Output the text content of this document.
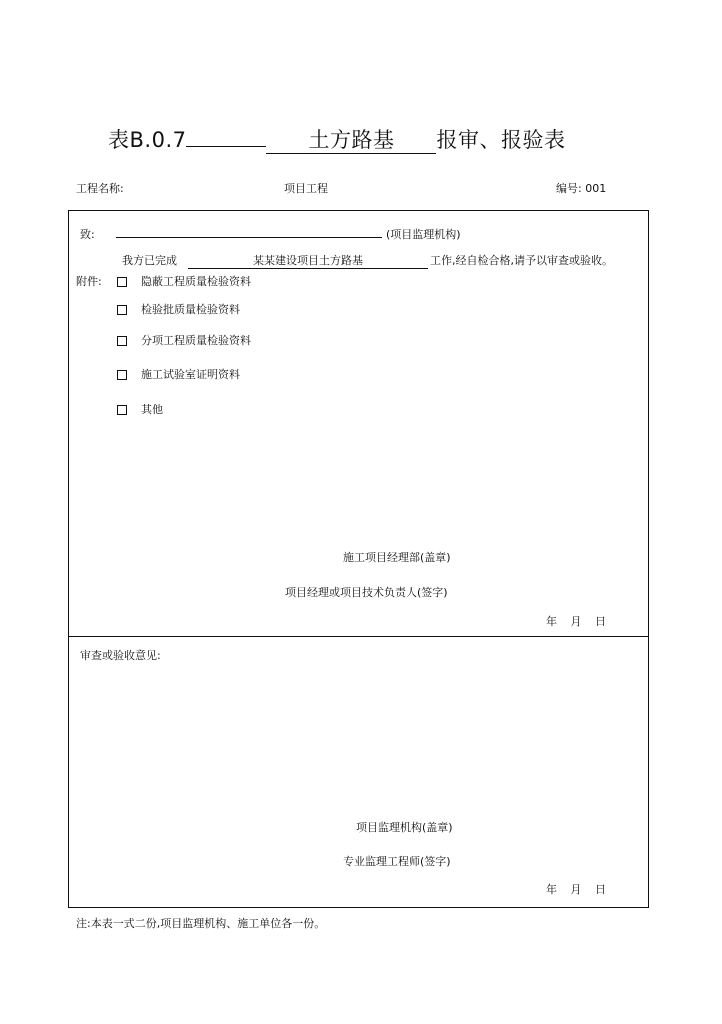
表B.0.7	土方路基 报审、报验表
工程名称:	项目工程	编号: 001
致:	(项目监理机构)
我方已完成	某某建设项目土方路基	工作,经自检合格,请予以审查或验收。
附件:	隐蔽工程质量检验资料
检验批质量检验资料
分项工程质量检验资料
施工试验室证明资料
其他
施工项目经理部(盖章)
项目经理或项目技术负责人(签字)
年 月 日
审查或验收意见:
项目监理机构(盖章)
专业监理工程师(签字)
年 月 日
注:本表一式二份,项目监理机构、施工单位各一份。
